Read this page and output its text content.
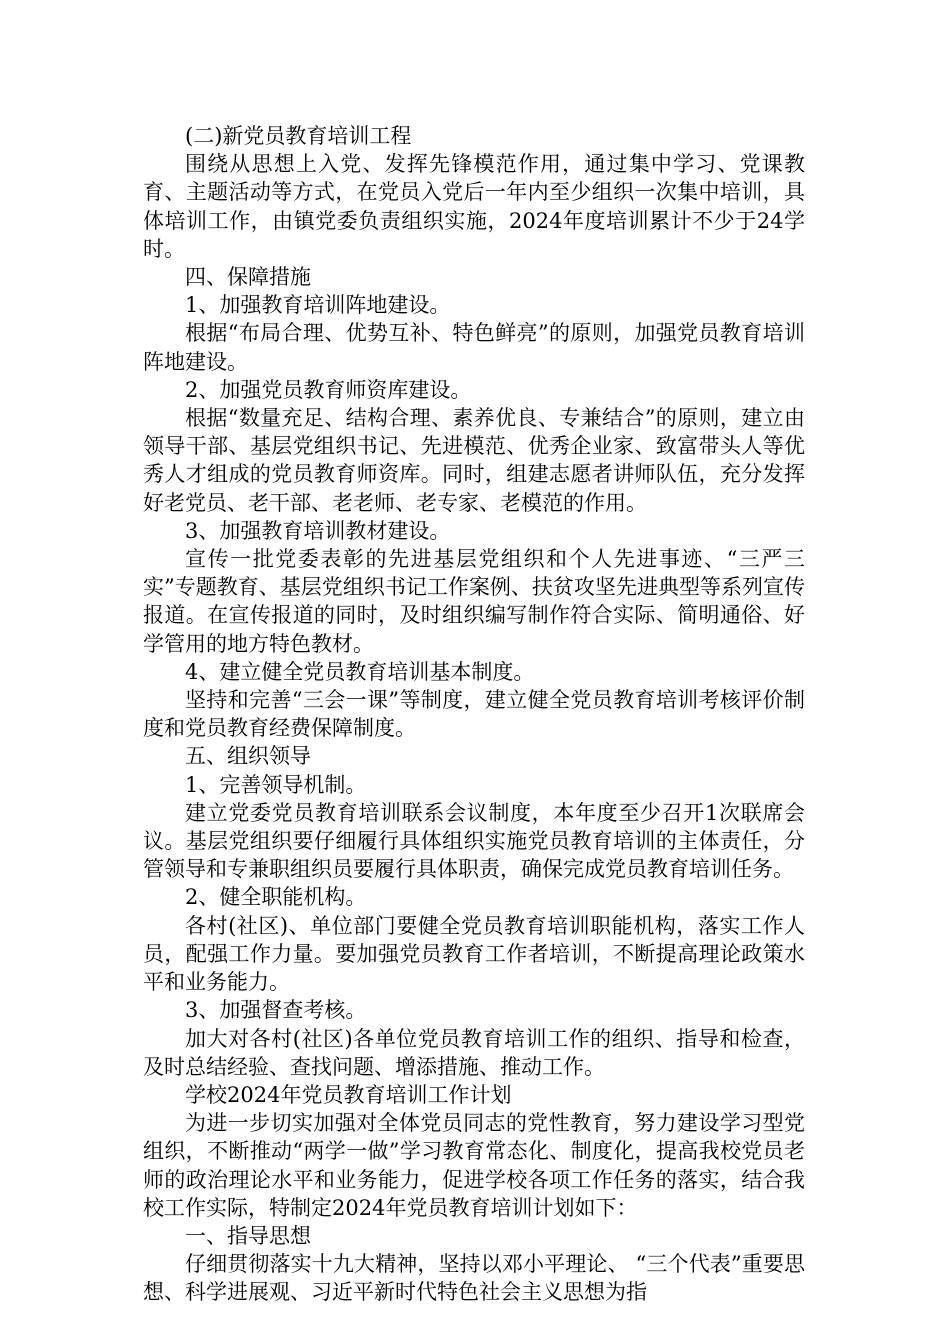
(二)新党员教育培训工程

围绕从思想上入党、发挥先锋模范作用，通过集中学习、党课教育、主题活动等方式，在党员入党后一年内至少组织一次集中培训，具体培训工作，由镇党委负责组织实施，2024年度培训累计不少于24学时。

四、保障措施

1、加强教育培训阵地建设。

根据“布局合理、优势互补、特色鲜亮”的原则，加强党员教育培训阵地建设。

2、加强党员教育师资库建设。

根据“数量充足、结构合理、素养优良、专兼结合”的原则，建立由领导干部、基层党组织书记、先进模范、优秀企业家、致富带头人等优秀人才组成的党员教育师资库。同时，组建志愿者讲师队伍，充分发挥好老党员、老干部、老老师、老专家、老模范的作用。

3、加强教育培训教材建设。

宣传一批党委表彰的先进基层党组织和个人先进事迹、“三严三实”专题教育、基层党组织书记工作案例、扶贫攻坚先进典型等系列宣传报道。在宣传报道的同时，及时组织编写制作符合实际、简明通俗、好学管用的地方特色教材。

4、建立健全党员教育培训基本制度。

坚持和完善“三会一课”等制度，建立健全党员教育培训考核评价制度和党员教育经费保障制度。

五、组织领导

1、完善领导机制。

建立党委党员教育培训联系会议制度，本年度至少召开1次联席会议。基层党组织要仔细履行具体组织实施党员教育培训的主体责任，分管领导和专兼职组织员要履行具体职责，确保完成党员教育培训任务。

2、健全职能机构。

各村(社区)、单位部门要健全党员教育培训职能机构，落实工作人员，配强工作力量。要加强党员教育工作者培训，不断提高理论政策水平和业务能力。

3、加强督查考核。

加大对各村(社区)各单位党员教育培训工作的组织、指导和检查，及时总结经验、查找问题、增添措施、推动工作。

学校2024年党员教育培训工作计划

为进一步切实加强对全体党员同志的党性教育，努力建设学习型党组织，不断推动“两学一做”学习教育常态化、制度化，提高我校党员老师的政治理论水平和业务能力，促进学校各项工作任务的落实，结合我校工作实际，特制定2024年党员教育培训计划如下：

一、指导思想

仔细贯彻落实十九大精神，坚持以邓小平理论、 “三个代表”重要思想、科学进展观、习近平新时代特色社会主义思想为指
